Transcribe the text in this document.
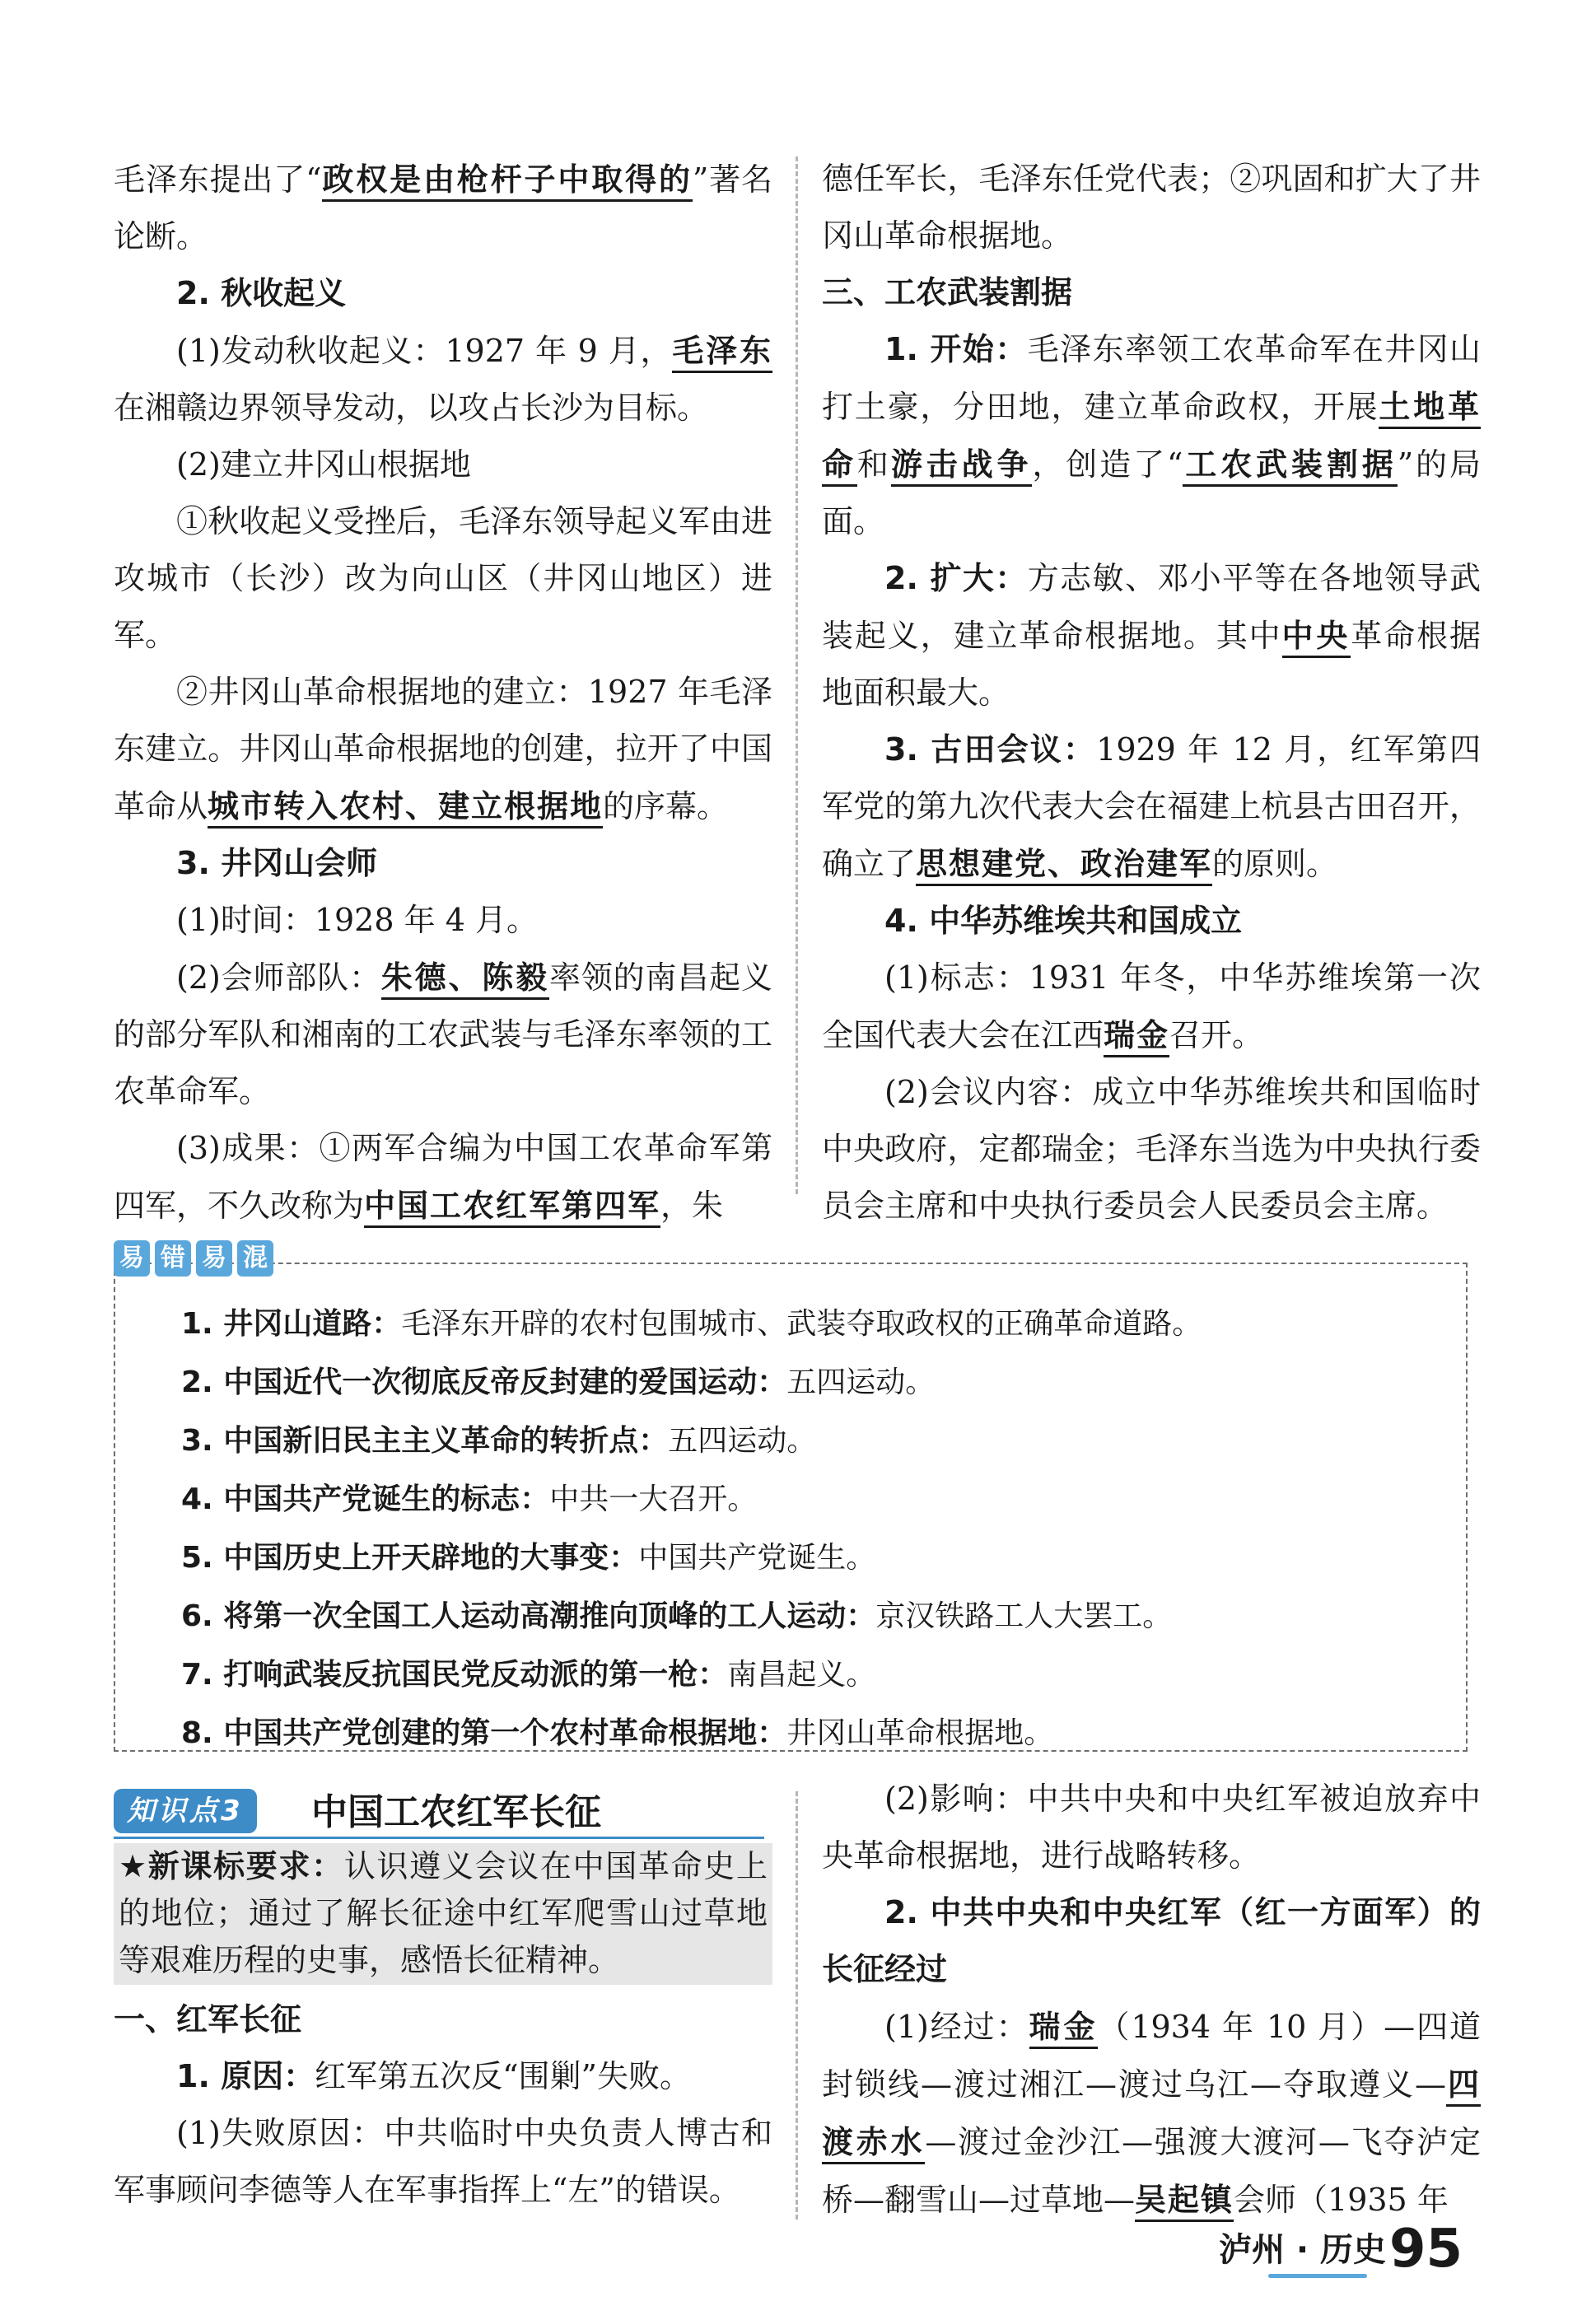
毛泽东提出了“政权是由枪杆子中取得的”著名论断。

2. 秋收起义

(1)发动秋收起义：1927 年 9 月，毛泽东在湘赣边界领导发动，以攻占长沙为目标。

(2)建立井冈山根据地

①秋收起义受挫后，毛泽东领导起义军由进攻城市（长沙）改为向山区（井冈山地区）进军。

②井冈山革命根据地的建立：1927 年毛泽东建立。井冈山革命根据地的创建，拉开了中国革命从城市转入农村、建立根据地的序幕。

3. 井冈山会师

(1)时间：1928 年 4 月。

(2)会师部队：朱德、陈毅率领的南昌起义的部分军队和湘南的工农武装与毛泽东率领的工农革命军。

(3)成果：①两军合编为中国工农革命军第四军，不久改称为中国工农红军第四军，朱

德任军长，毛泽东任党代表；②巩固和扩大了井冈山革命根据地。

三、工农武装割据

1. 开始：毛泽东率领工农革命军在井冈山打土豪，分田地，建立革命政权，开展土地革命和游击战争，创造了“工农武装割据”的局面。

2. 扩大：方志敏、邓小平等在各地领导武装起义，建立革命根据地。其中中央革命根据地面积最大。

3. 古田会议：1929 年 12 月，红军第四军党的第九次代表大会在福建上杭县古田召开，确立了思想建党、政治建军的原则。

4. 中华苏维埃共和国成立

(1)标志：1931 年冬，中华苏维埃第一次全国代表大会在江西瑞金召开。

(2)会议内容：成立中华苏维埃共和国临时中央政府，定都瑞金；毛泽东当选为中央执行委员会主席和中央执行委员会人民委员会主席。

易 错 易 混
1. 井冈山道路：毛泽东开辟的农村包围城市、武装夺取政权的正确革命道路。
2. 中国近代一次彻底反帝反封建的爱国运动：五四运动。
3. 中国新旧民主主义革命的转折点：五四运动。
4. 中国共产党诞生的标志：中共一大召开。
5. 中国历史上开天辟地的大事变：中国共产党诞生。
6. 将第一次全国工人运动高潮推向顶峰的工人运动：京汉铁路工人大罢工。
7. 打响武装反抗国民党反动派的第一枪：南昌起义。
8. 中国共产党创建的第一个农村革命根据地：井冈山革命根据地。
知识点3	中国工农红军长征
★新课标要求：认识遵义会议在中国革命史上的地位；通过了解长征途中红军爬雪山过草地等艰难历程的史事，感悟长征精神。

一、红军长征

1. 原因：红军第五次反“围剿”失败。

(1)失败原因：中共临时中央负责人博古和军事顾问李德等人在军事指挥上“左”的错误。

(2)影响：中共中央和中央红军被迫放弃中央革命根据地，进行战略转移。

2. 中共中央和中央红军（红一方面军）的长征经过

(1)经过：瑞金（1934 年 10 月）—四道封锁线—渡过湘江—渡过乌江—夺取遵义—四渡赤水—渡过金沙江—强渡大渡河—飞夺泸定桥—翻雪山—过草地—吴起镇会师（1935 年

泸州 · 历史 95
